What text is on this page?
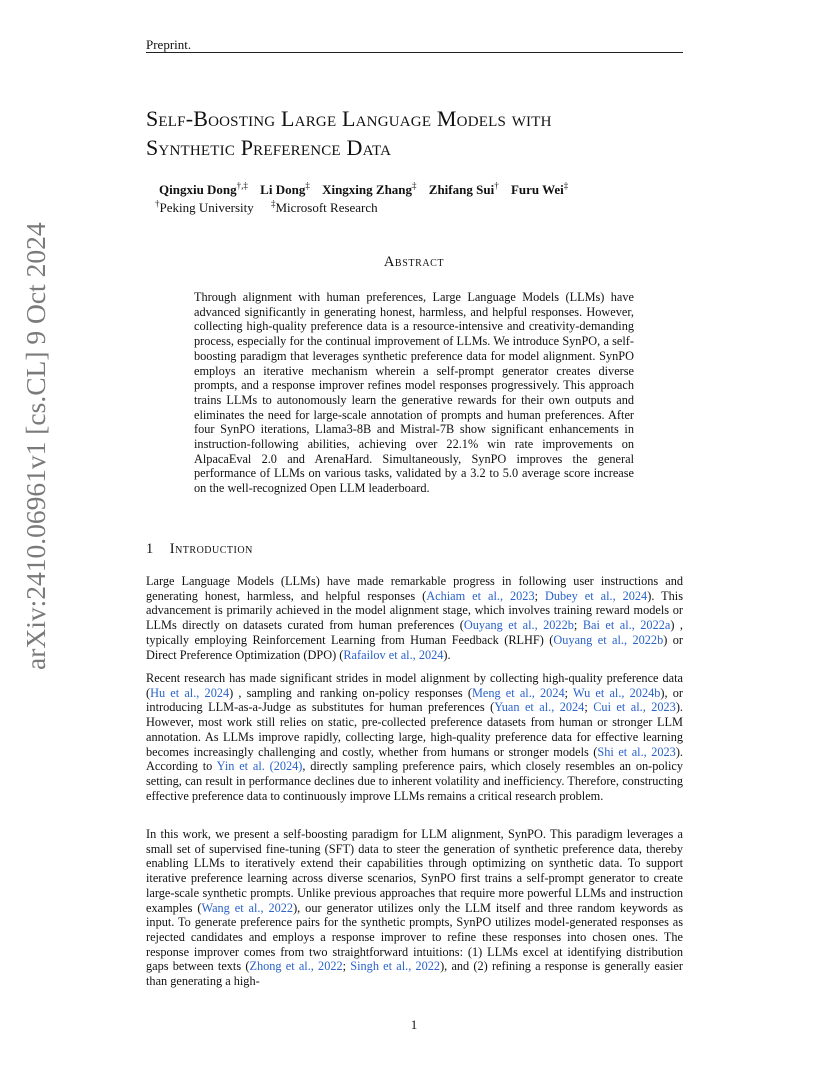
Preprint.
arXiv:2410.06961v1 [cs.CL] 9 Oct 2024
Self-Boosting Large Language Models with
Synthetic Preference Data
Qingxiu Dong†,‡ Li Dong‡ Xingxing Zhang‡ Zhifang Sui† Furu Wei‡
†Peking University ‡Microsoft Research
Abstract

Through alignment with human preferences, Large Language Models (LLMs) have advanced significantly in generating honest, harmless, and helpful responses. However, collecting high-quality preference data is a resource-intensive and creativity-demanding process, especially for the continual improvement of LLMs. We introduce SynPO, a self-boosting paradigm that leverages synthetic preference data for model alignment. SynPO employs an iterative mechanism wherein a self-prompt generator creates diverse prompts, and a response improver refines model responses progressively. This approach trains LLMs to autonomously learn the generative rewards for their own outputs and eliminates the need for large-scale annotation of prompts and human preferences. After four SynPO iterations, Llama3-8B and Mistral-7B show significant enhancements in instruction-following abilities, achieving over 22.1% win rate improvements on AlpacaEval 2.0 and ArenaHard. Simultaneously, SynPO improves the general performance of LLMs on various tasks, validated by a 3.2 to 5.0 average score increase on the well-recognized Open LLM leaderboard.

1 Introduction

Large Language Models (LLMs) have made remarkable progress in following user instructions and generating honest, harmless, and helpful responses (Achiam et al., 2023; Dubey et al., 2024). This advancement is primarily achieved in the model alignment stage, which involves training reward models or LLMs directly on datasets curated from human preferences (Ouyang et al., 2022b; Bai et al., 2022a) , typically employing Reinforcement Learning from Human Feedback (RLHF) (Ouyang et al., 2022b) or Direct Preference Optimization (DPO) (Rafailov et al., 2024).

Recent research has made significant strides in model alignment by collecting high-quality preference data (Hu et al., 2024) , sampling and ranking on-policy responses (Meng et al., 2024; Wu et al., 2024b), or introducing LLM-as-a-Judge as substitutes for human preferences (Yuan et al., 2024; Cui et al., 2023). However, most work still relies on static, pre-collected preference datasets from human or stronger LLM annotation. As LLMs improve rapidly, collecting large, high-quality preference data for effective learning becomes increasingly challenging and costly, whether from humans or stronger models (Shi et al., 2023). According to Yin et al. (2024), directly sampling preference pairs, which closely resembles an on-policy setting, can result in performance declines due to inherent volatility and inefficiency. Therefore, constructing effective preference data to continuously improve LLMs remains a critical research problem.

In this work, we present a self-boosting paradigm for LLM alignment, SynPO. This paradigm leverages a small set of supervised fine-tuning (SFT) data to steer the generation of synthetic preference data, thereby enabling LLMs to iteratively extend their capabilities through optimizing on synthetic data. To support iterative preference learning across diverse scenarios, SynPO first trains a self-prompt generator to create large-scale synthetic prompts. Unlike previous approaches that require more powerful LLMs and instruction examples (Wang et al., 2022), our generator utilizes only the LLM itself and three random keywords as input. To generate preference pairs for the synthetic prompts, SynPO utilizes model-generated responses as rejected candidates and employs a response improver to refine these responses into chosen ones. The response improver comes from two straightforward intuitions: (1) LLMs excel at identifying distribution gaps between texts (Zhong et al., 2022; Singh et al., 2022), and (2) refining a response is generally easier than generating a high-

1
